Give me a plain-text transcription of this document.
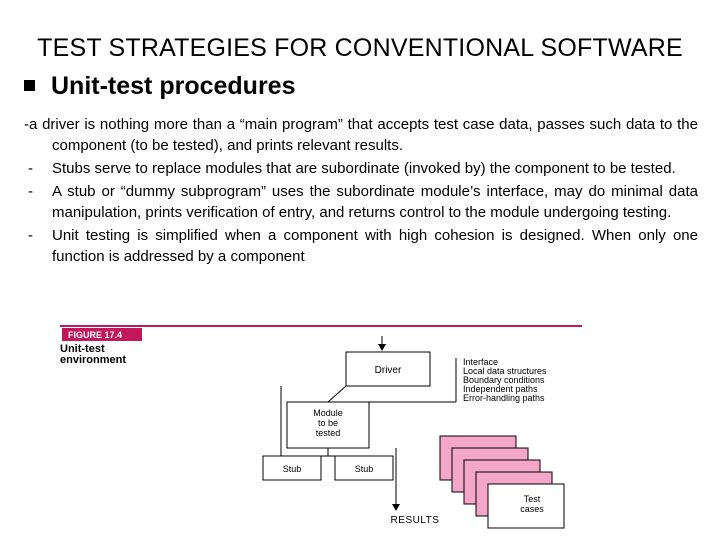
TEST STRATEGIES FOR CONVENTIONAL SOFTWARE
Unit-test procedures
-a driver is nothing more than a “main program” that accepts test case data, passes such data to the component (to be tested), and prints relevant results.
- Stubs serve to replace modules that are subordinate (invoked by) the component to be tested.
- A stub or “dummy subprogram” uses the subordinate module’s interface, may do minimal data manipulation, prints verification of entry, and returns control to the module undergoing testing.
- Unit testing is simplified when a component with high cohesion is designed. When only one function is addressed by a component
FIGURE 17.4
Unit-test
environment
Driver
Interface
Local data structures
Boundary conditions
Independent paths
Error-handling paths
Module
to be
tested
Stub	Stub
Test
cases
RESULTS
